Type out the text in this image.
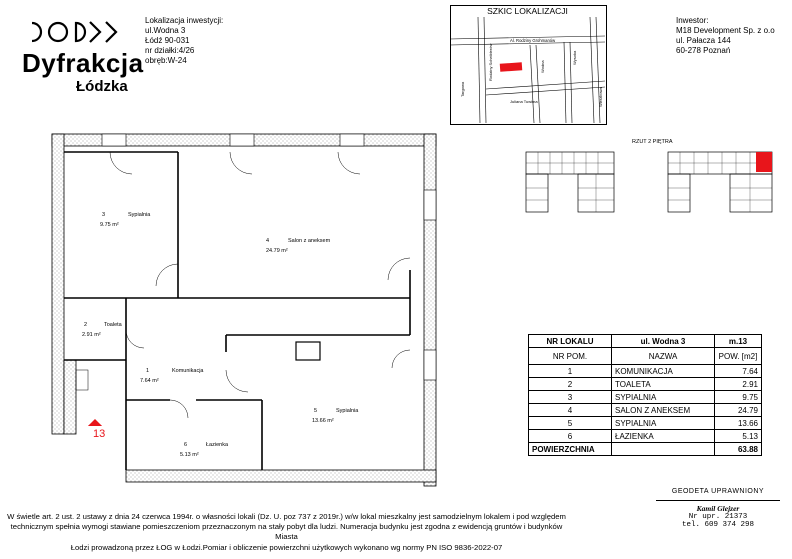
Dyfrakcja
Łódzka
Lokalizacja inwestycji:
ul.Wodna 3
Łódź 90-031
nr działki:4/26
obręb:W-24
SZKIC LOKALIZACJI
Al. Rodziny Grohmanów
Targowa
Rodziny Scheiblerów	Wodna
Wysoka
Juliana Tuwima	Wierzbowa
Inwestor:
M18 Development Sp. z o.o
ul. Pałacza 144
60-278 Poznań
RZUT 2 PIĘTRA
3	Sypialnia
9.75 m²
4	Salon z aneksem
24.79 m²
2	Toaleta
2.91 m²
1	Komunikacja
7.64 m²
5	Sypialnia
13.66 m²
6	Łazienka
5.13 m²
13
NR LOKALU	ul. Wodna 3	m.13
NR POM.	NAZWA	POW. [m2]
1	KOMUNIKACJA	7.64
2	TOALETA	2.91
3	SYPIALNIA	9.75
4	SALON Z ANEKSEM	24.79
5	SYPIALNIA	13.66
6	ŁAZIENKA	5.13
POWIERZCHNIA		63.88
W świetle art. 2 ust. 2 ustawy z dnia 24 czerwca 1994r. o własności lokali (Dz. U. poz 737 z 2019r.) w/w lokal mieszkalny jest samodzielnym lokalem i pod względem
technicznym spełnia wymogi stawiane pomieszczeniom przeznaczonym na stały pobyt dla ludzi. Numeracja budynku jest zgodna z ewidencją gruntów i budynków Miasta
Łodzi prowadzoną przez ŁOG w Łodzi.Pomiar i obliczenie powierzchni użytkowych wykonano wg normy PN ISO 9836-2022-07
GEODETA UPRAWNIONY
Kamil Glejzer
Nr upr. 21373
tel. 609 374 298
